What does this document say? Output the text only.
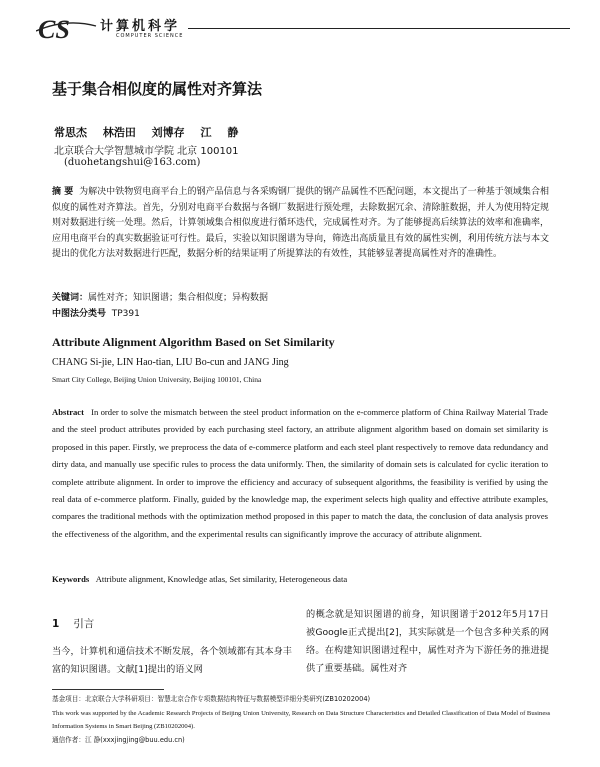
CS 计算机科学
COMPUTER SCIENCE
基于集合相似度的属性对齐算法
常思杰 林浩田 刘博存 江 静
北京联合大学智慧城市学院 北京 100101
(duohetangshui@163.com)
摘 要 为解决中铁物贸电商平台上的钢产品信息与各采购钢厂提供的钢产品属性不匹配问题，本文提出了一种基于领域集合相似度的属性对齐算法。首先，分别对电商平台数据与各钢厂数据进行预处理，去除数据冗余、清除脏数据，并人为使用特定规则对数据进行统一处理。然后，计算领域集合相似度进行循环迭代，完成属性对齐。为了能够提高后续算法的效率和准确率，应用电商平台的真实数据验证可行性。最后，实验以知识图谱为导向，筛选出高质量且有效的属性实例，利用传统方法与本文提出的优化方法对数据进行匹配，数据分析的结果证明了所提算法的有效性，其能够显著提高属性对齐的准确性。
关键词：属性对齐；知识图谱；集合相似度；异构数据
中图法分类号 TP391
Attribute Alignment Algorithm Based on Set Similarity
CHANG Si-jie, LIN Hao-tian, LIU Bo-cun and JANG Jing
Smart City College, Beijing Union University, Beijing 100101, China
Abstract In order to solve the mismatch between the steel product information on the e-commerce platform of China Railway Material Trade and the steel product attributes provided by each purchasing steel factory, an attribute alignment algorithm based on domain set similarity is proposed in this paper. Firstly, we preprocess the data of e-commerce platform and each steel plant respectively to remove data redundancy and dirty data, and manually use specific rules to process the data uniformly. Then, the similarity of domain sets is calculated for cyclic iteration to complete attribute alignment. In order to improve the efficiency and accuracy of subsequent algorithms, the feasibility is verified by using the real data of e-commerce platform. Finally, guided by the knowledge map, the experiment selects high quality and effective attribute examples, compares the traditional methods with the optimization method proposed in this paper to match the data, the conclusion of data analysis proves the effectiveness of the algorithm, and the experimental results can significantly improve the accuracy of attribute alignment.
Keywords Attribute alignment, Knowledge atlas, Set similarity, Heterogeneous data
1 引言
当今，计算机和通信技术不断发展，各个领域都有其本身丰富的知识图谱。文献[1]提出的语义网
的概念就是知识图谱的前身，知识图谱于2012年5月17日被Google正式提出[2]，其实际就是一个包含多种关系的网络。在构建知识图谱过程中，属性对齐为下游任务的推进提供了重要基础。属性对齐
基金项目：北京联合大学科研项目：智慧北京合作专项数据结构特征与数据模型详细分类研究(ZB10202004)
This work was supported by the Academic Research Projects of Beijing Union University, Research on Data Structure Characteristics and Detailed Classification of Data Model of Business Information Systems in Smart Beijing (ZB10202004).
通信作者：江 静(xxxjingjing@buu.edu.cn)
